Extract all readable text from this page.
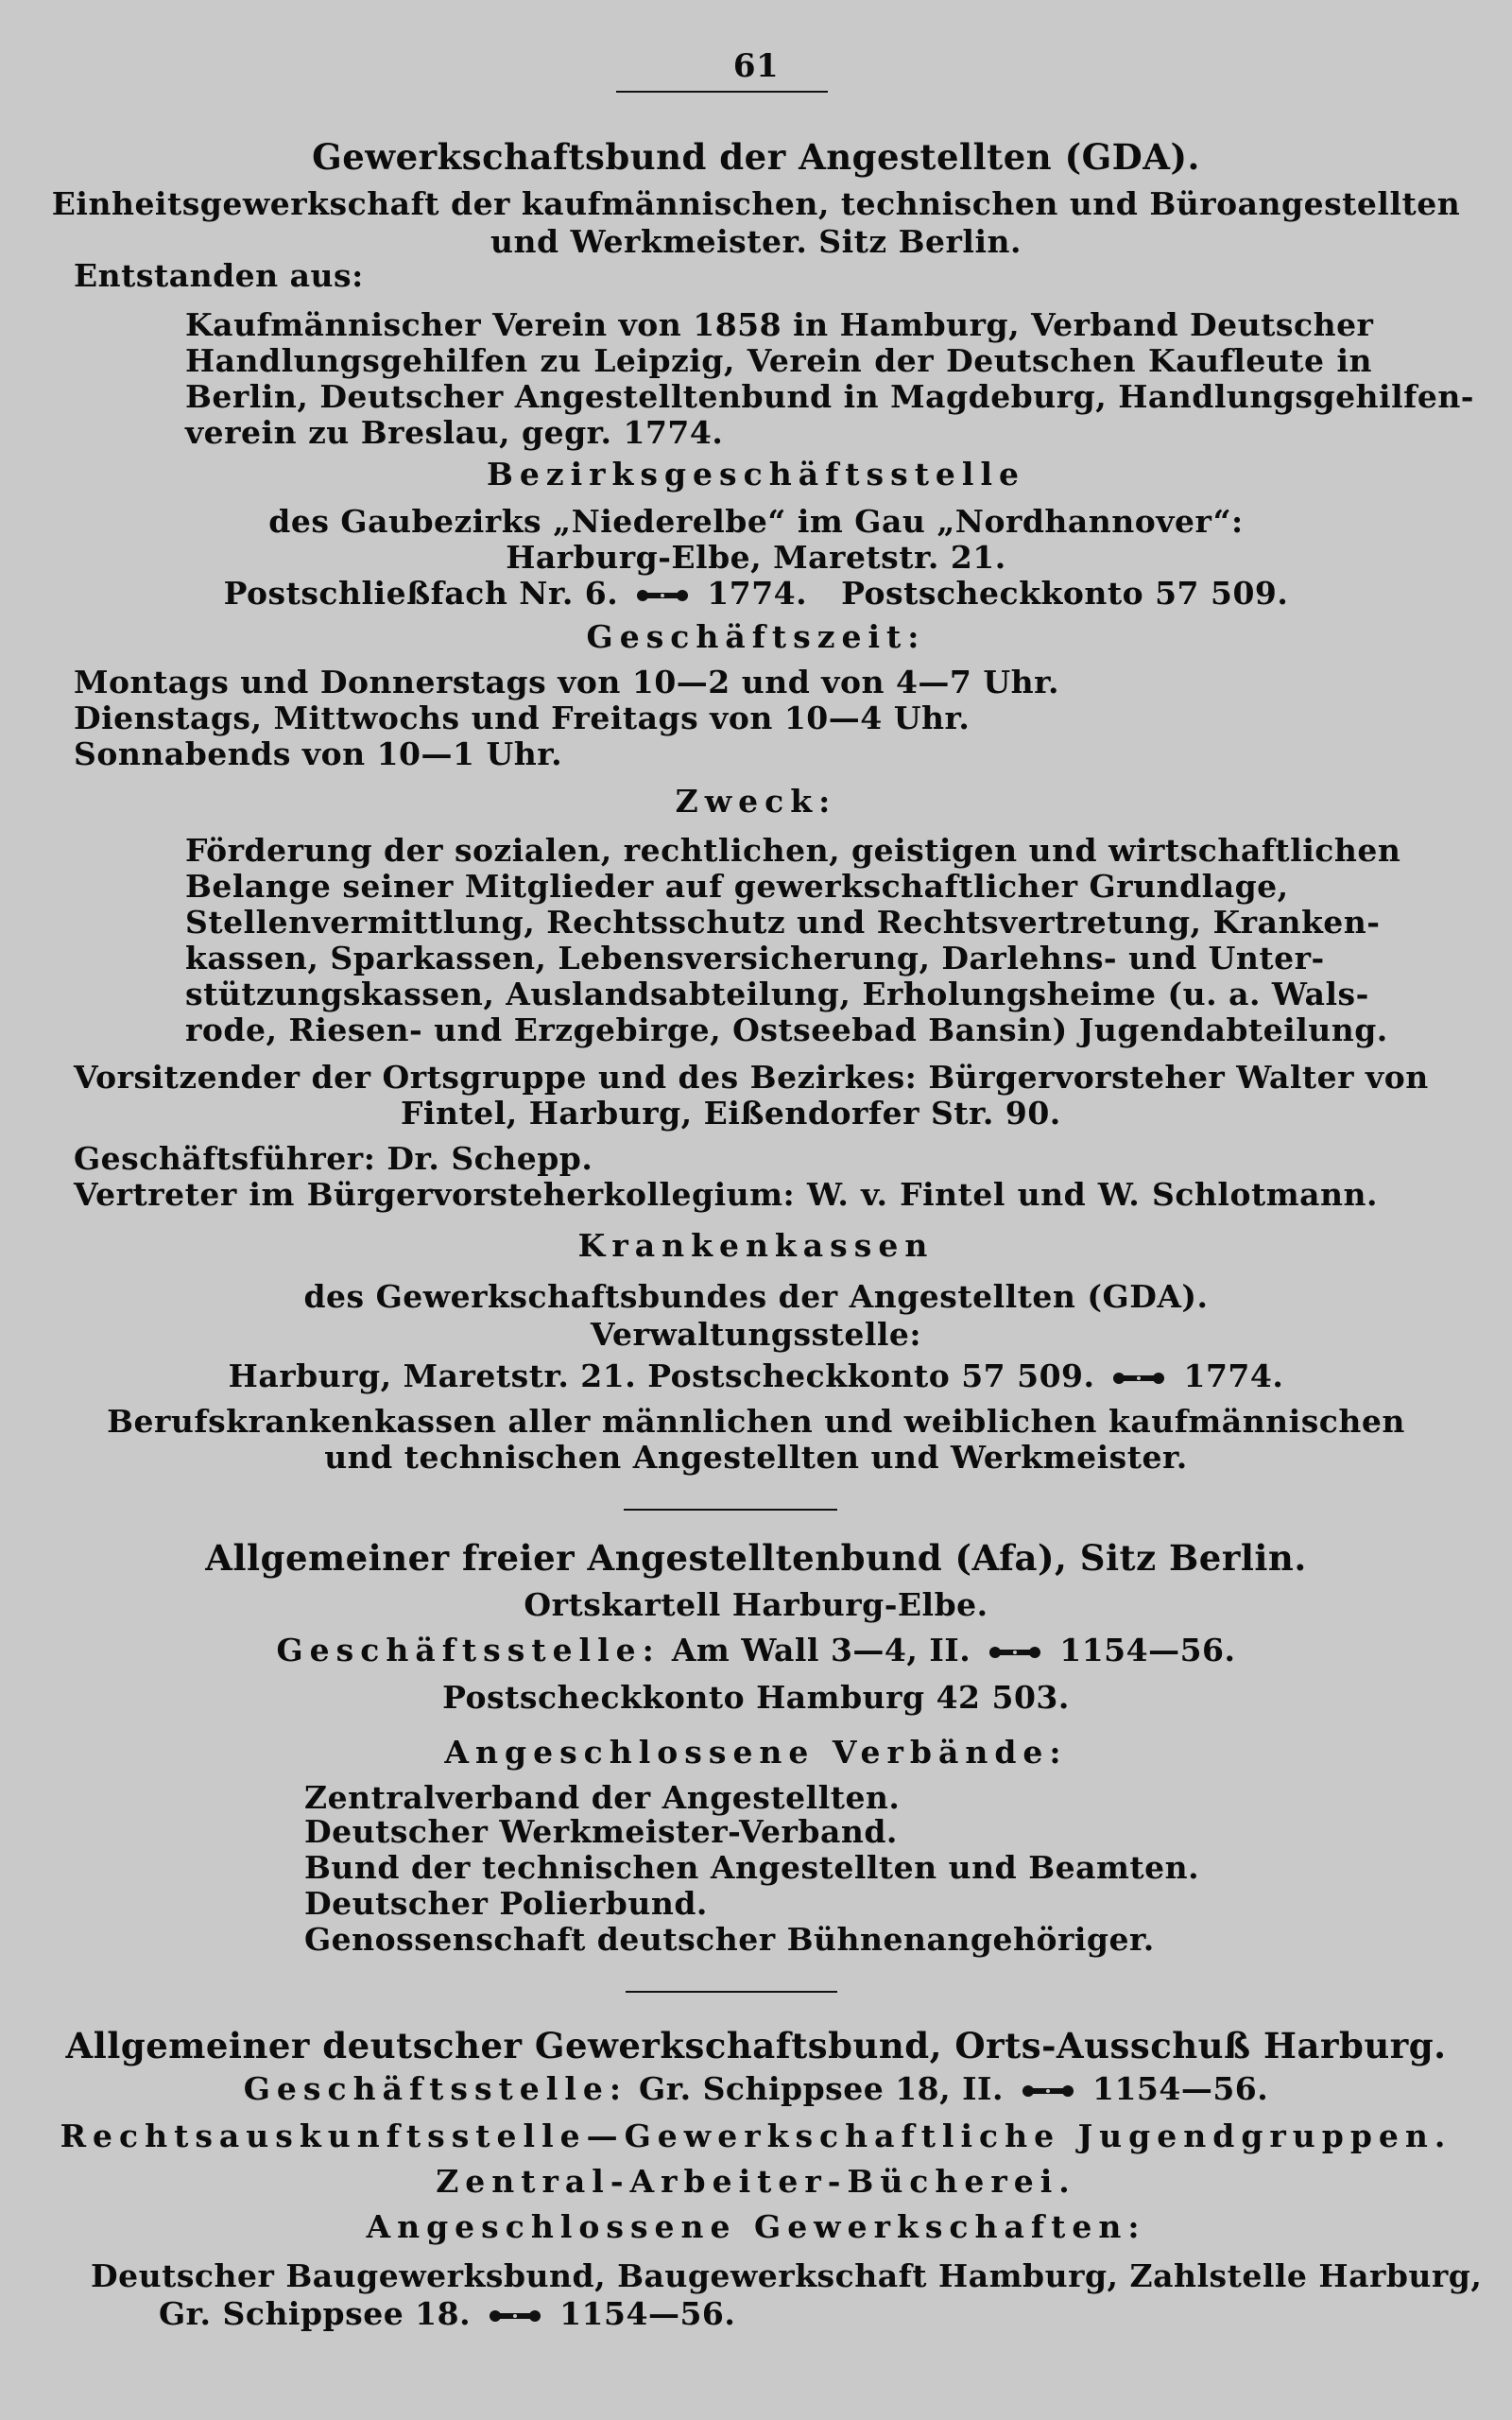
61
Gewerkschaftsbund der Angestellten (GDA).
Einheitsgewerkschaft der kaufmännischen, technischen und Büroangestellten
und Werkmeister. Sitz Berlin.
Entstanden aus:
Kaufmännischer Verein von 1858 in Hamburg, Verband Deutscher
Handlungsgehilfen zu Leipzig, Verein der Deutschen Kaufleute in
Berlin, Deutscher Angestelltenbund in Magdeburg, Handlungsgehilfen-
verein zu Breslau, gegr. 1774.
Bezirksgeschäftsstelle
des Gaubezirks „Niederelbe“ im Gau „Nordhannover“:
Harburg-Elbe, Maretstr. 21.
Postschließfach Nr. 6.	1774. Postscheckkonto 57 509.
Geschäftszeit:
Montags und Donnerstags von 10—2 und von 4—7 Uhr.
Dienstags, Mittwochs und Freitags von 10—4 Uhr.
Sonnabends von 10—1 Uhr.
Zweck:
Förderung der sozialen, rechtlichen, geistigen und wirtschaftlichen
Belange seiner Mitglieder auf gewerkschaftlicher Grundlage,
Stellenvermittlung, Rechtsschutz und Rechtsvertretung, Kranken-
kassen, Sparkassen, Lebensversicherung, Darlehns- und Unter-
stützungskassen, Auslandsabteilung, Erholungsheime (u. a. Wals-
rode, Riesen- und Erzgebirge, Ostseebad Bansin) Jugendabteilung.
Vorsitzender der Ortsgruppe und des Bezirkes: Bürgervorsteher Walter von
Fintel, Harburg, Eißendorfer Str. 90.
Geschäftsführer: Dr. Schepp.
Vertreter im Bürgervorsteherkollegium: W. v. Fintel und W. Schlotmann.
Krankenkassen
des Gewerkschaftsbundes der Angestellten (GDA).
Verwaltungsstelle:
Harburg, Maretstr. 21. Postscheckkonto 57 509.	1774.
Berufskrankenkassen aller männlichen und weiblichen kaufmännischen
und technischen Angestellten und Werkmeister.
Allgemeiner freier Angestelltenbund (Afa), Sitz Berlin.
Ortskartell Harburg-Elbe.
Geschäftsstelle: Am Wall 3—4, II.	1154—56.
Postscheckkonto Hamburg 42 503.
Angeschlossene Verbände:
Zentralverband der Angestellten.
Deutscher Werkmeister-Verband.
Bund der technischen Angestellten und Beamten.
Deutscher Polierbund.
Genossenschaft deutscher Bühnenangehöriger.
Allgemeiner deutscher Gewerkschaftsbund, Orts-Ausschuß Harburg.
Geschäftsstelle: Gr. Schippsee 18, II.	1154—56.
Rechtsauskunftsstelle—Gewerkschaftliche Jugendgruppen.
Zentral-Arbeiter-Bücherei.
Angeschlossene Gewerkschaften:
Deutscher Baugewerksbund, Baugewerkschaft Hamburg, Zahlstelle Harburg,
Gr. Schippsee 18.	1154—56.
